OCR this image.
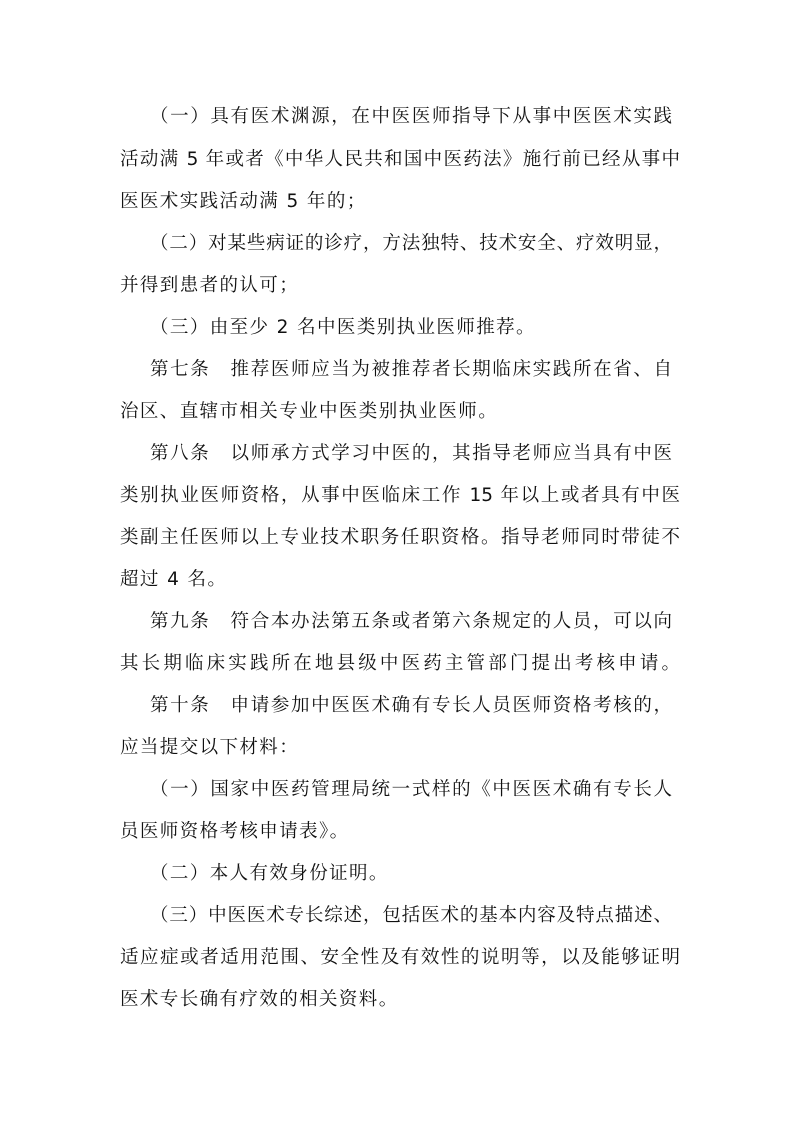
（一）具有医术渊源，在中医医师指导下从事中医医术实践
活动满 5 年或者《中华人民共和国中医药法》施行前已经从事中
医医术实践活动满 5 年的；
（二）对某些病证的诊疗，方法独特、技术安全、疗效明显，
并得到患者的认可；
（三）由至少 2 名中医类别执业医师推荐。
第七条　推荐医师应当为被推荐者长期临床实践所在省、自
治区、直辖市相关专业中医类别执业医师。
第八条　以师承方式学习中医的，其指导老师应当具有中医
类别执业医师资格，从事中医临床工作 15 年以上或者具有中医
类副主任医师以上专业技术职务任职资格。指导老师同时带徒不
超过 4 名。
第九条　符合本办法第五条或者第六条规定的人员，可以向
其长期临床实践所在地县级中医药主管部门提出考核申请。
第十条　申请参加中医医术确有专长人员医师资格考核的，
应当提交以下材料：
（一）国家中医药管理局统一式样的《中医医术确有专长人
员医师资格考核申请表》。
（二）本人有效身份证明。
（三）中医医术专长综述，包括医术的基本内容及特点描述、
适应症或者适用范围、安全性及有效性的说明等，以及能够证明
医术专长确有疗效的相关资料。
